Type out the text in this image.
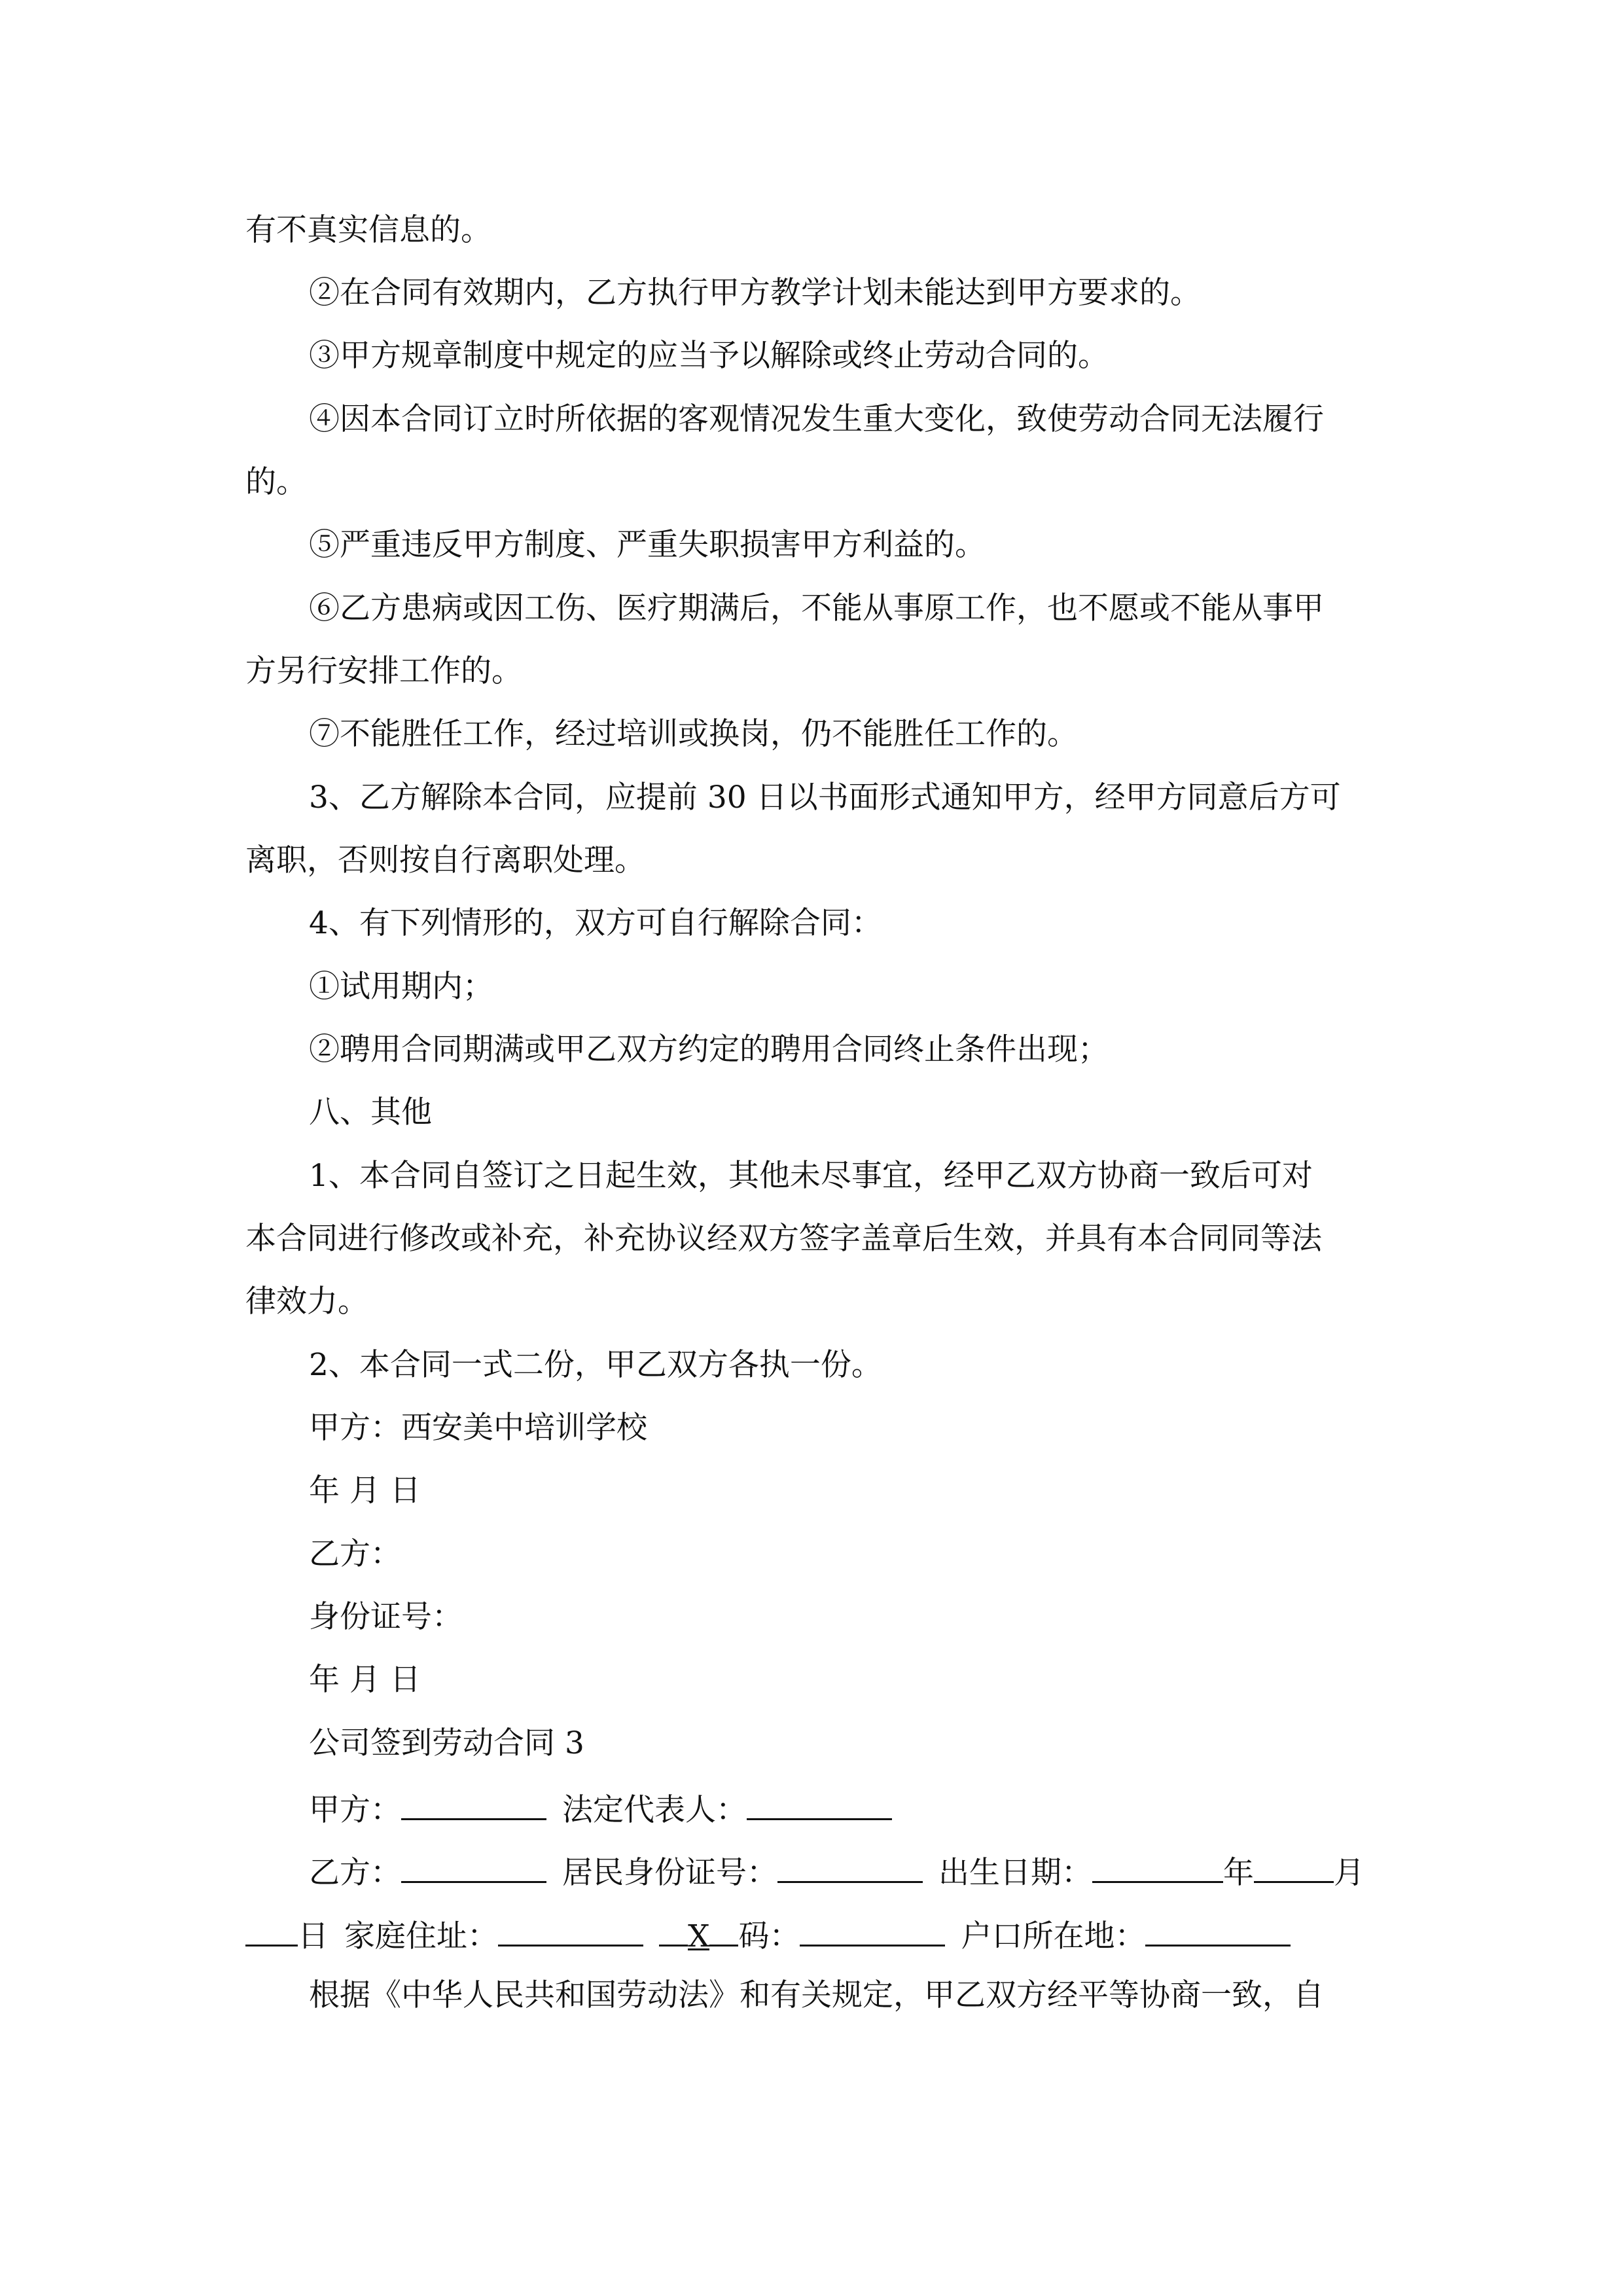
有不真实信息的。
②在合同有效期内，乙方执行甲方教学计划未能达到甲方要求的。
③甲方规章制度中规定的应当予以解除或终止劳动合同的。
④因本合同订立时所依据的客观情况发生重大变化，致使劳动合同无法履行
的。
⑤严重违反甲方制度、严重失职损害甲方利益的。
⑥乙方患病或因工伤、医疗期满后，不能从事原工作，也不愿或不能从事甲
方另行安排工作的。
⑦不能胜任工作，经过培训或换岗，仍不能胜任工作的。
3、乙方解除本合同，应提前 30 日以书面形式通知甲方，经甲方同意后方可
离职，否则按自行离职处理。
4、有下列情形的，双方可自行解除合同：
①试用期内；
②聘用合同期满或甲乙双方约定的聘用合同终止条件出现；
八、其他
1、本合同自签订之日起生效，其他未尽事宜，经甲乙双方协商一致后可对
本合同进行修改或补充，补充协议经双方签字盖章后生效，并具有本合同同等法
律效力。
2、本合同一式二份，甲乙双方各执一份。
甲方：西安美中培训学校
年 月 日
乙方：
身份证号：
年 月 日
公司签到劳动合同 3
甲方：	法定代表人：
乙方：	居民身份证号：	出生日期：	年	月
日 家庭住址：	X 码：	户口所在地：
根据《中华人民共和国劳动法》和有关规定，甲乙双方经平等协商一致，自
